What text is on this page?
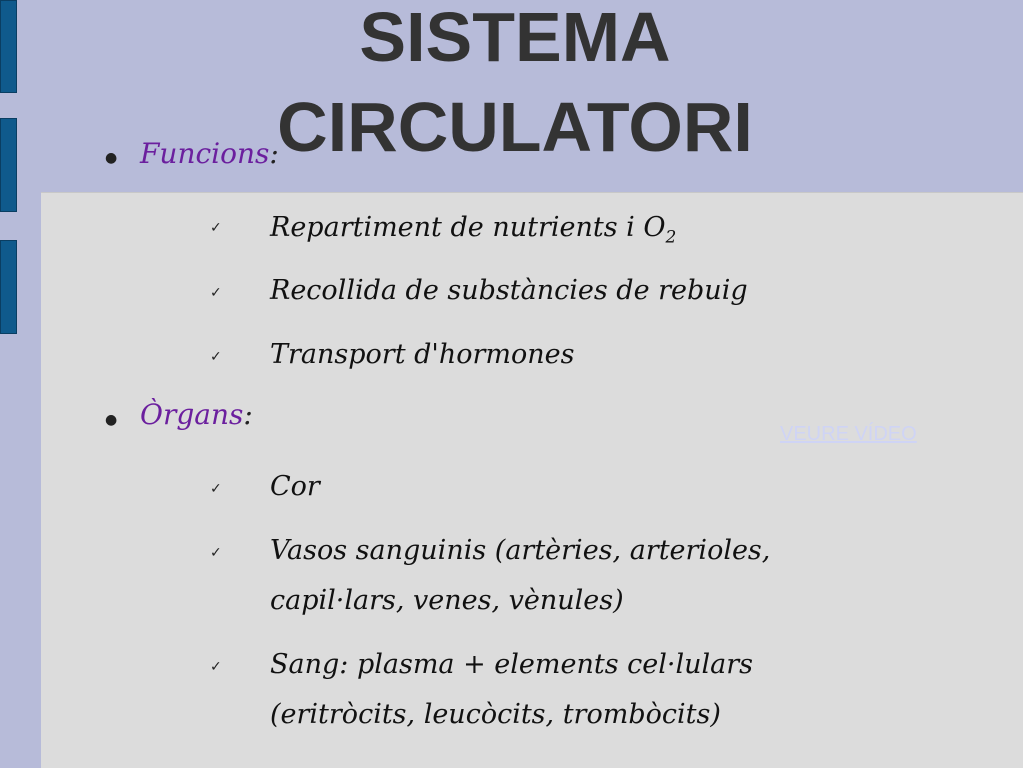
SISTEMA
CIRCULATORI
● Funcions:
✓ Repartiment de nutrients i $O_2$
✓ Recollida de substàncies de rebuig
✓ Transport d'hormones
● Òrgans:
VEURE VÍDEO
✓ Cor
✓ Vasos sanguinis (artèries, arterioles, capil·lars, venes, vènules)
✓ Sang: plasma + elements cel·lulars (eritròcits, leucòcits, trombòcits)
